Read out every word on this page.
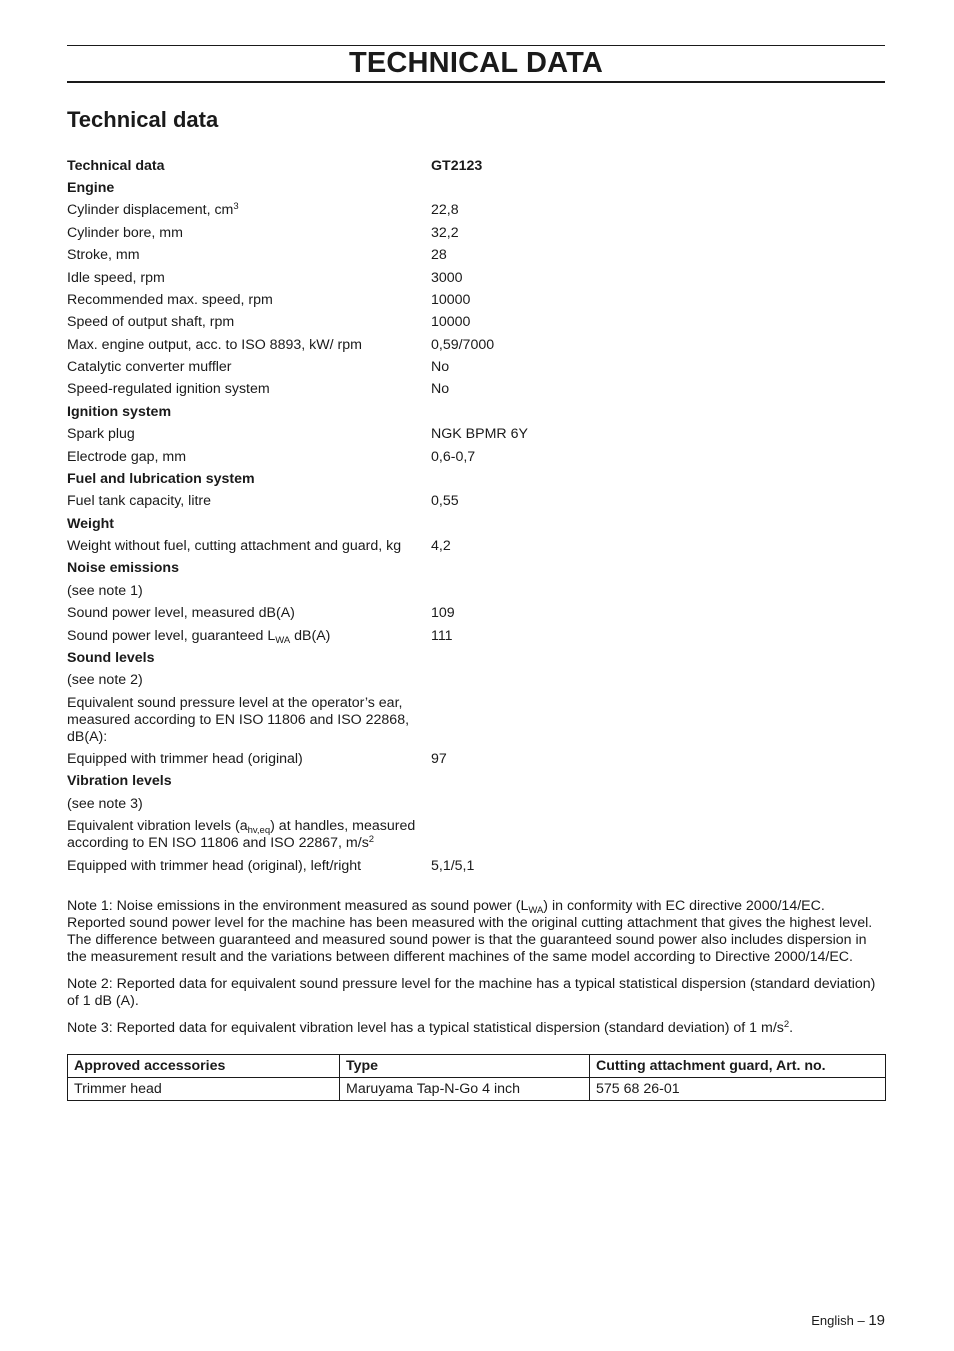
TECHNICAL DATA
Technical data
Technical data	GT2123
Engine
Cylinder displacement, $cm^3$	22,8
Cylinder bore, mm	32,2
Stroke, mm	28
Idle speed, rpm	3000
Recommended max. speed, rpm	10000
Speed of output shaft, rpm	10000
Max. engine output, acc. to ISO 8893, kW/ rpm	0,59/7000
Catalytic converter muffler	No
Speed-regulated ignition system	No
Ignition system
Spark plug	NGK BPMR 6Y
Electrode gap, mm	0,6-0,7
Fuel and lubrication system
Fuel tank capacity, litre	0,55
Weight
Weight without fuel, cutting attachment and guard, kg	4,2
Noise emissions
(see note 1)
Sound power level, measured dB(A)	109
Sound power level, guaranteed $L_{WA}$ dB(A)	111
Sound levels
(see note 2)
Equivalent sound pressure level at the operator’s ear, measured according to EN ISO 11806 and ISO 22868, dB(A):
Equipped with trimmer head (original)	97
Vibration levels
(see note 3)
Equivalent vibration levels $(a_{hv,eq})$ at handles, measured according to EN ISO 11806 and ISO 22867, $m/s^2$
Equipped with trimmer head (original), left/right	5,1/5,1

Note 1: Noise emissions in the environment measured as sound power $(L_{WA})$ in conformity with EC directive 2000/14/EC. Reported sound power level for the machine has been measured with the original cutting attachment that gives the highest level. The difference between guaranteed and measured sound power is that the guaranteed sound power also includes dispersion in the measurement result and the variations between different machines of the same model according to Directive 2000/14/EC.

Note 2: Reported data for equivalent sound pressure level for the machine has a typical statistical dispersion (standard deviation) of 1 dB (A).

Note 3: Reported data for equivalent vibration level has a typical statistical dispersion (standard deviation) of 1 $m/s^2$.

Approved accessories	Type	Cutting attachment guard, Art. no.
Trimmer head	Maruyama Tap-N-Go 4 inch	575 68 26-01
English – 19
